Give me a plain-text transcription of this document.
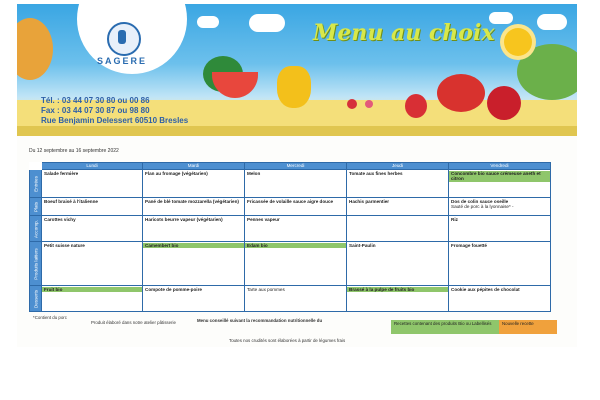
SAGERE
Menu au choix
Tél. : 03 44 07 30 80 ou 00 86
Fax : 03 44 07 30 87 ou 98 80
Rue Benjamin Delessert 60510 Bresles
Du 12 septembre au 16 septembre 2022
	Lundi	Mardi	Mercredi	Jeudi	Vendredi

Entrées	Salade fermière	Flan au fromage (végétarien)	Melon	Tomate aux fines herbes	Concombre bio sauce crémeuse aneth et citron

Plats	Boeuf braisé à l'italienne	Pané de blé tomate mozzarella (végétarien)	Fricassée de volaille sauce aigre douce	Hachis parmentier	Dos de colin sauce oseille
Sauté de porc à la lyonnaise* -

Accomp.	Carottes vichy	Haricots beurre vapeur (végétarien)	Pennes vapeur		Riz

Produits laitiers	Petit suisse nature	Camembert bio	Edam bio	Saint-Paulin	Fromage fouetté

Desserts	Fruit bio	Compote de pomme-poire	Tarte aux pommes	Brassé à la pulpe de fruits bio	Cookie aux pépites de chocolat
*Contient du porc
Produit élaboré dans notre atelier pâtisserie	Menu conseillé suivant la recommandation nutritionnelle du
Recettes contenant des produits Bio ou Labellisés	Nouvelle recette
Toutes nos crudités sont élaborées à partir de légumes frais
